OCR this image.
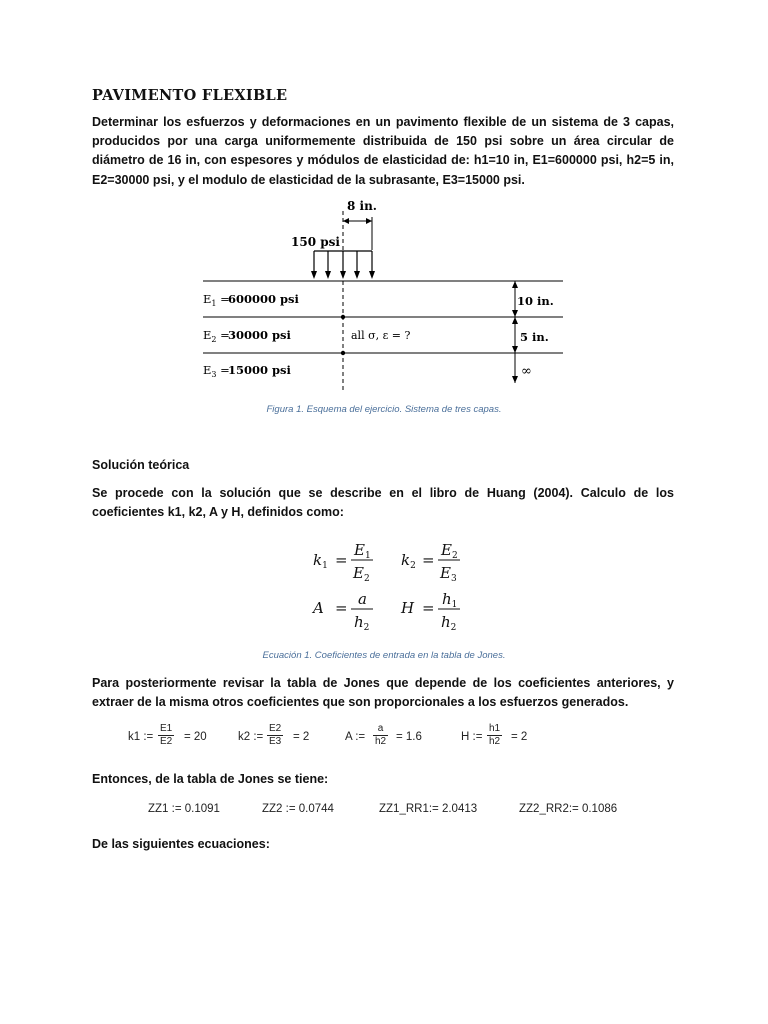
PAVIMENTO FLEXIBLE
Determinar los esfuerzos y deformaciones en un pavimento flexible de un sistema de 3 capas, producidos por una carga uniformemente distribuida de 150 psi sobre un área circular de diámetro de 16 in, con espesores y módulos de elasticidad de: h1=10 in, E1=600000 psi, h2=5 in, E2=30000 psi, y el modulo de elasticidad de la subrasante, E3=15000 psi.
8 in.
150 psi
10 in.
5 in.
∞
$E_1$ =
600000 psi
$E_2$ =
30000 psi
$E_3$ =
15000 psi
all σ, ε = ?
Figura 1. Esquema del ejercicio. Sistema de tres capas.
Solución teórica
Se procede con la solución que se describe en el libro de Huang (2004). Calculo de los coeficientes k1, k2, A y H, definidos como:
$k_1$ =
$E_1$
$E_2$
$k_2$ =
$E_2$
$E_3$
A = a
$h_2$
$H = h_1$
$h_2$
Ecuación 1. Coeficientes de entrada en la tabla de Jones.
Para posteriormente revisar la tabla de Jones que depende de los coeficientes anteriores, y extraer de la misma otros coeficientes que son proporcionales a los esfuerzos generados.
k1 := $\frac{E1}{E2} = 20$	k2 := $\frac{E2}{E3} = 2$	A := $\frac{a}{h2} = 1.6$	H := $\frac{h1}{h2} = 2$
Entonces, de la tabla de Jones se tiene:
ZZ1 := 0.1091	ZZ2 := 0.0744	ZZ1_RR1:= 2.0413	ZZ2_RR2:= 0.1086
De las siguientes ecuaciones:
